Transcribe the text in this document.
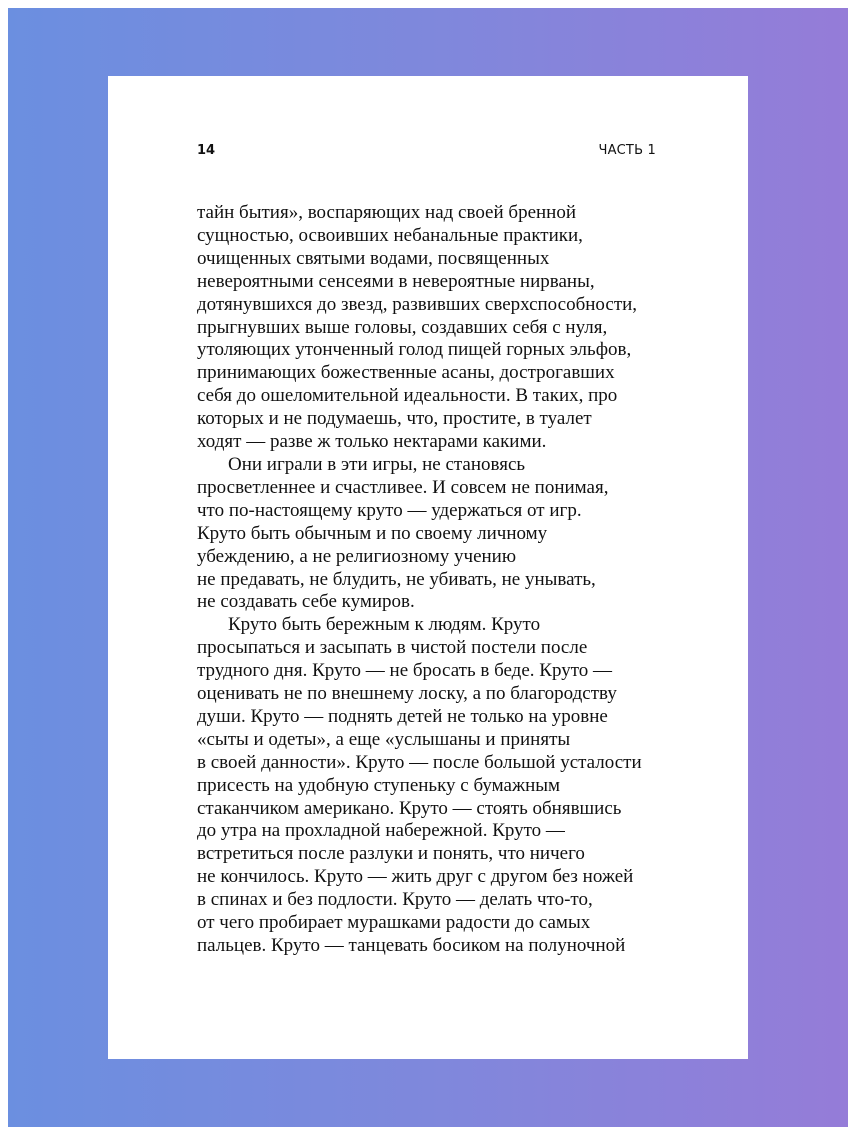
14	ЧАСТЬ 1
тайн бытия», воспаряющих над своей бренной
сущностью, освоивших небанальные практики,
очищенных святыми водами, посвященных
невероятными сенсеями в невероятные нирваны,
дотянувшихся до звезд, развивших сверхспособности,
прыгнувших выше головы, создавших себя с нуля,
утоляющих утонченный голод пищей горных эльфов,
принимающих божественные асаны, дострогавших
себя до ошеломительной идеальности. В таких, про
которых и не подумаешь, что, простите, в туалет
ходят — разве ж только нектарами какими.
Они играли в эти игры, не становясь
просветленнее и счастливее. И совсем не понимая,
что по-настоящему круто — удержаться от игр.
Круто быть обычным и по своему личному
убеждению, а не религиозному учению
не предавать, не блудить, не убивать, не унывать,
не создавать себе кумиров.
Круто быть бережным к людям. Круто
просыпаться и засыпать в чистой постели после
трудного дня. Круто — не бросать в беде. Круто —
оценивать не по внешнему лоску, а по благородству
души. Круто — поднять детей не только на уровне
«сыты и одеты», а еще «услышаны и приняты
в своей данности». Круто — после большой усталости
присесть на удобную ступеньку с бумажным
стаканчиком американо. Круто — стоять обнявшись
до утра на прохладной набережной. Круто —
встретиться после разлуки и понять, что ничего
не кончилось. Круто — жить друг с другом без ножей
в спинах и без подлости. Круто — делать что-то,
от чего пробирает мурашками радости до самых
пальцев. Круто — танцевать босиком на полуночной
